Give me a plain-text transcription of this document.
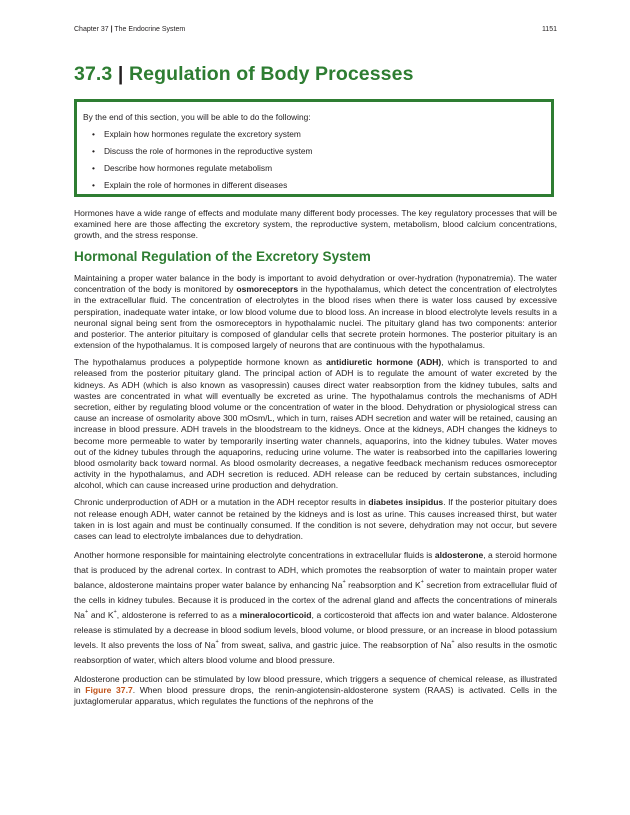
Chapter 37 | The Endocrine System	1151
37.3 | Regulation of Body Processes
By the end of this section, you will be able to do the following:
• Explain how hormones regulate the excretory system
• Discuss the role of hormones in the reproductive system
• Describe how hormones regulate metabolism
• Explain the role of hormones in different diseases

Hormones have a wide range of effects and modulate many different body processes. The key regulatory processes that will be examined here are those affecting the excretory system, the reproductive system, metabolism, blood calcium concentrations, growth, and the stress response.

Hormonal Regulation of the Excretory System

Maintaining a proper water balance in the body is important to avoid dehydration or over-hydration (hyponatremia). The water concentration of the body is monitored by osmoreceptors in the hypothalamus, which detect the concentration of electrolytes in the extracellular fluid. The concentration of electrolytes in the blood rises when there is water loss caused by excessive perspiration, inadequate water intake, or low blood volume due to blood loss. An increase in blood electrolyte levels results in a neuronal signal being sent from the osmoreceptors in hypothalamic nuclei. The pituitary gland has two components: anterior and posterior. The anterior pituitary is composed of glandular cells that secrete protein hormones. The posterior pituitary is an extension of the hypothalamus. It is composed largely of neurons that are continuous with the hypothalamus.

The hypothalamus produces a polypeptide hormone known as antidiuretic hormone (ADH), which is transported to and released from the posterior pituitary gland. The principal action of ADH is to regulate the amount of water excreted by the kidneys. As ADH (which is also known as vasopressin) causes direct water reabsorption from the kidney tubules, salts and wastes are concentrated in what will eventually be excreted as urine. The hypothalamus controls the mechanisms of ADH secretion, either by regulating blood volume or the concentration of water in the blood. Dehydration or physiological stress can cause an increase of osmolarity above 300 mOsm/L, which in turn, raises ADH secretion and water will be retained, causing an increase in blood pressure. ADH travels in the bloodstream to the kidneys. Once at the kidneys, ADH changes the kidneys to become more permeable to water by temporarily inserting water channels, aquaporins, into the kidney tubules. Water moves out of the kidney tubules through the aquaporins, reducing urine volume. The water is reabsorbed into the capillaries lowering blood osmolarity back toward normal. As blood osmolarity decreases, a negative feedback mechanism reduces osmoreceptor activity in the hypothalamus, and ADH secretion is reduced. ADH release can be reduced by certain substances, including alcohol, which can cause increased urine production and dehydration.

Chronic underproduction of ADH or a mutation in the ADH receptor results in diabetes insipidus. If the posterior pituitary does not release enough ADH, water cannot be retained by the kidneys and is lost as urine. This causes increased thirst, but water taken in is lost again and must be continually consumed. If the condition is not severe, dehydration may not occur, but severe cases can lead to electrolyte imbalances due to dehydration.

Another hormone responsible for maintaining electrolyte concentrations in extracellular fluids is aldosterone, a steroid hormone that is produced by the adrenal cortex. In contrast to ADH, which promotes the reabsorption of water to maintain proper water balance, aldosterone maintains proper water balance by enhancing Na+ reabsorption and K+ secretion from extracellular fluid of the cells in kidney tubules. Because it is produced in the cortex of the adrenal gland and affects the concentrations of minerals Na+ and K+, aldosterone is referred to as a mineralocorticoid, a corticosteroid that affects ion and water balance. Aldosterone release is stimulated by a decrease in blood sodium levels, blood volume, or blood pressure, or an increase in blood potassium levels. It also prevents the loss of Na+ from sweat, saliva, and gastric juice. The reabsorption of Na+ also results in the osmotic reabsorption of water, which alters blood volume and blood pressure.

Aldosterone production can be stimulated by low blood pressure, which triggers a sequence of chemical release, as illustrated in Figure 37.7. When blood pressure drops, the renin-angiotensin-aldosterone system (RAAS) is activated. Cells in the juxtaglomerular apparatus, which regulates the functions of the nephrons of the
